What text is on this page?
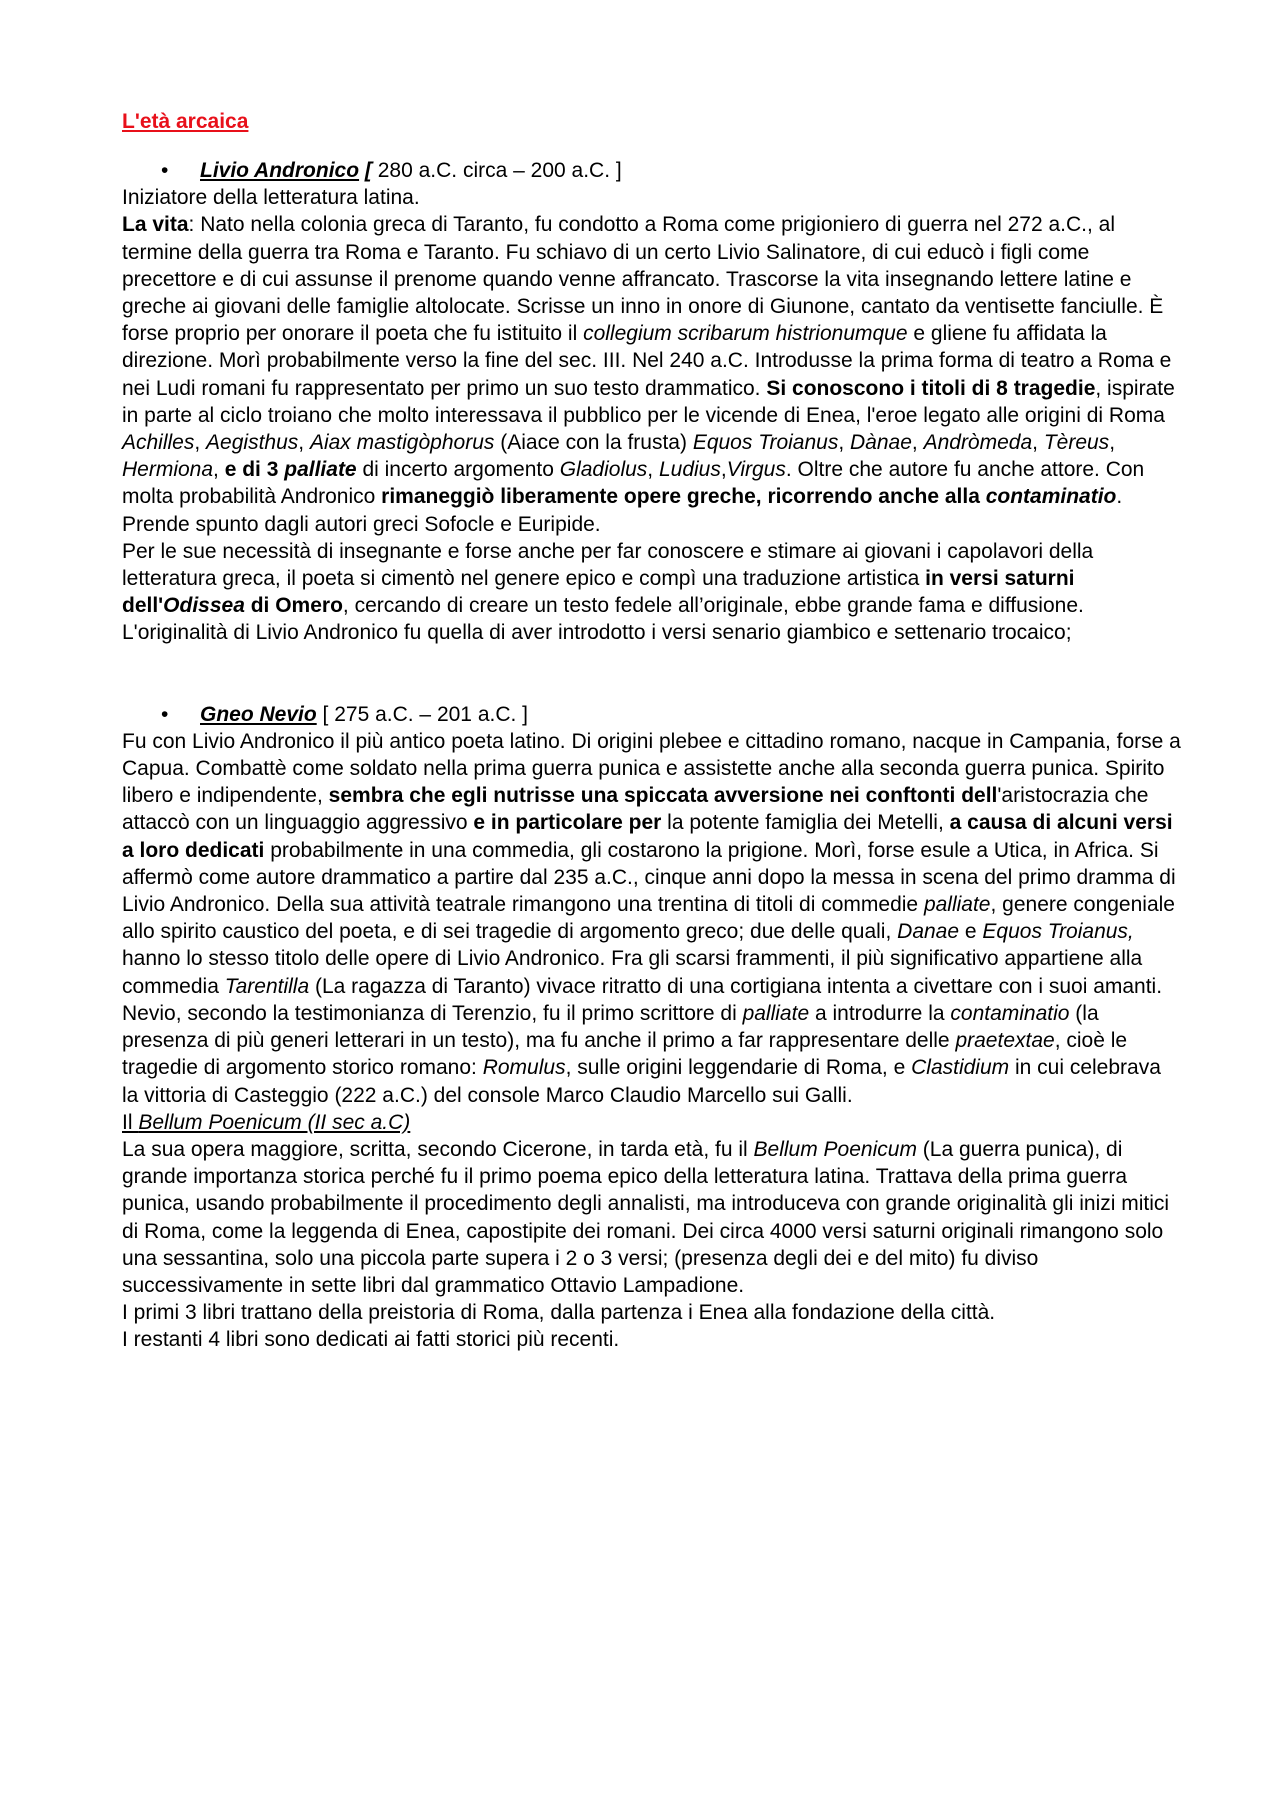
L'età arcaica
• Livio Andronico [ 280 a.C. circa – 200 a.C. ]

Iniziatore della letteratura latina.

La vita: Nato nella colonia greca di Taranto, fu condotto a Roma come prigioniero di guerra nel 272 a.C., al termine della guerra tra Roma e Taranto. Fu schiavo di un certo Livio Salinatore, di cui educò i figli come precettore e di cui assunse il prenome quando venne affrancato. Trascorse la vita insegnando lettere latine e greche ai giovani delle famiglie altolocate. Scrisse un inno in onore di Giunone, cantato da ventisette fanciulle. È forse proprio per onorare il poeta che fu istituito il collegium scribarum histrionumque e gliene fu affidata la direzione. Morì probabilmente verso la fine del sec. III. Nel 240 a.C. Introdusse la prima forma di teatro a Roma e nei Ludi romani fu rappresentato per primo un suo testo drammatico. Si conoscono i titoli di 8 tragedie, ispirate in parte al ciclo troiano che molto interessava il pubblico per le vicende di Enea, l'eroe legato alle origini di Roma Achilles, Aegisthus, Aiax mastigòphorus (Aiace con la frusta) Equos Troianus, Dànae, Andròmeda, Tèreus, Hermiona, e di 3 palliate di incerto argomento Gladiolus, Ludius,Virgus. Oltre che autore fu anche attore. Con molta probabilità Andronico rimaneggiò liberamente opere greche, ricorrendo anche alla contaminatio. Prende spunto dagli autori greci Sofocle e Euripide.

Per le sue necessità di insegnante e forse anche per far conoscere e stimare ai giovani i capolavori della letteratura greca, il poeta si cimentò nel genere epico e compì una traduzione artistica in versi saturni dell'Odissea di Omero, cercando di creare un testo fedele all’originale, ebbe grande fama e diffusione. L'originalità di Livio Andronico fu quella di aver introdotto i versi senario giambico e settenario trocaico;

• Gneo Nevio [ 275 a.C. – 201 a.C. ]

Fu con Livio Andronico il più antico poeta latino. Di origini plebee e cittadino romano, nacque in Campania, forse a Capua. Combattè come soldato nella prima guerra punica e assistette anche alla seconda guerra punica. Spirito libero e indipendente, sembra che egli nutrisse una spiccata avversione nei conftonti dell'aristocrazia che attaccò con un linguaggio aggressivo e in particolare per la potente famiglia dei Metelli, a causa di alcuni versi a loro dedicati probabilmente in una commedia, gli costarono la prigione. Morì, forse esule a Utica, in Africa. Si affermò come autore drammatico a partire dal 235 a.C., cinque anni dopo la messa in scena del primo dramma di Livio Andronico. Della sua attività teatrale rimangono una trentina di titoli di commedie palliate, genere congeniale allo spirito caustico del poeta, e di sei tragedie di argomento greco; due delle quali, Danae e Equos Troianus, hanno lo stesso titolo delle opere di Livio Andronico. Fra gli scarsi frammenti, il più significativo appartiene alla commedia Tarentilla (La ragazza di Taranto) vivace ritratto di una cortigiana intenta a civettare con i suoi amanti. Nevio, secondo la testimonianza di Terenzio, fu il primo scrittore di palliate a introdurre la contaminatio (la presenza di più generi letterari in un testo), ma fu anche il primo a far rappresentare delle praetextae, cioè le tragedie di argomento storico romano: Romulus, sulle origini leggendarie di Roma, e Clastidium in cui celebrava la vittoria di Casteggio (222 a.C.) del console Marco Claudio Marcello sui Galli.

Il Bellum Poenicum (II sec a.C)

La sua opera maggiore, scritta, secondo Cicerone, in tarda età, fu il Bellum Poenicum (La guerra punica), di grande importanza storica perché fu il primo poema epico della letteratura latina. Trattava della prima guerra punica, usando probabilmente il procedimento degli annalisti, ma introduceva con grande originalità gli inizi mitici di Roma, come la leggenda di Enea, capostipite dei romani. Dei circa 4000 versi saturni originali rimangono solo una sessantina, solo una piccola parte supera i 2 o 3 versi; (presenza degli dei e del mito) fu diviso successivamente in sette libri dal grammatico Ottavio Lampadione.

I primi 3 libri trattano della preistoria di Roma, dalla partenza i Enea alla fondazione della città.

I restanti 4 libri sono dedicati ai fatti storici più recenti.
